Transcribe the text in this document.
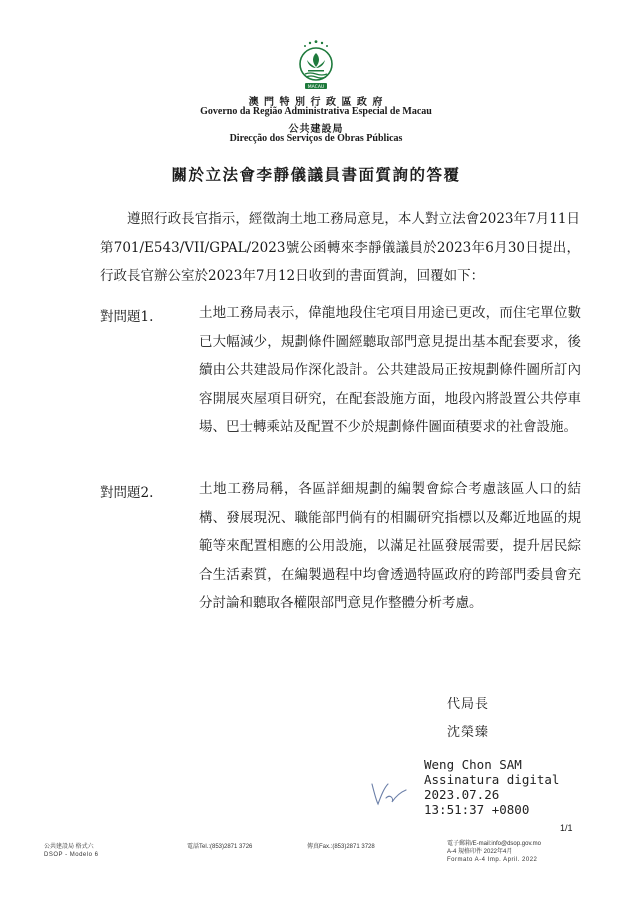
MACAU
澳 門 特 別 行 政 區 政 府
Governo da Região Administrativa Especial de Macau
公共建設局
Direcção dos Serviços de Obras Públicas
關於立法會李靜儀議員書面質詢的答覆
遵照行政長官指示，經徵詢土地工務局意見，本人對立法會2023年7月11日第701/E543/VII/GPAL/2023號公函轉來李靜儀議員於2023年6月30日提出，行政長官辦公室於2023年7月12日收到的書面質詢，回覆如下：
對問題1.	土地工務局表示，偉龍地段住宅項目用途已更改，而住宅單位數已大幅減少，規劃條件圖經聽取部門意見提出基本配套要求，後續由公共建設局作深化設計。公共建設局正按規劃條件圖所訂內容開展夾屋項目研究，在配套設施方面，地段內將設置公共停車場、巴士轉乘站及配置不少於規劃條件圖面積要求的社會設施。
對問題2.	土地工務局稱，各區詳細規劃的編製會綜合考慮該區人口的結構、發展現況、職能部門倘有的相關研究指標以及鄰近地區的規範等來配置相應的公用設施，以滿足社區發展需要，提升居民綜合生活素質，在編製過程中均會透過特區政府的跨部門委員會充分討論和聽取各權限部門意見作整體分析考慮。
代局長
沈榮臻
Weng Chon SAM
Assinatura digital
2023.07.26
13:51:37 +0800
1/1
公共建設局 格式六
DSOP - Modelo 6
電話Tel.:(853)2871 3726	傳真Fax.:(853)2871 3728	電子郵箱/E-mail:info@dsop.gov.mo
A-4 規格印件 2022年4月
Formato A-4 Imp. April. 2022
